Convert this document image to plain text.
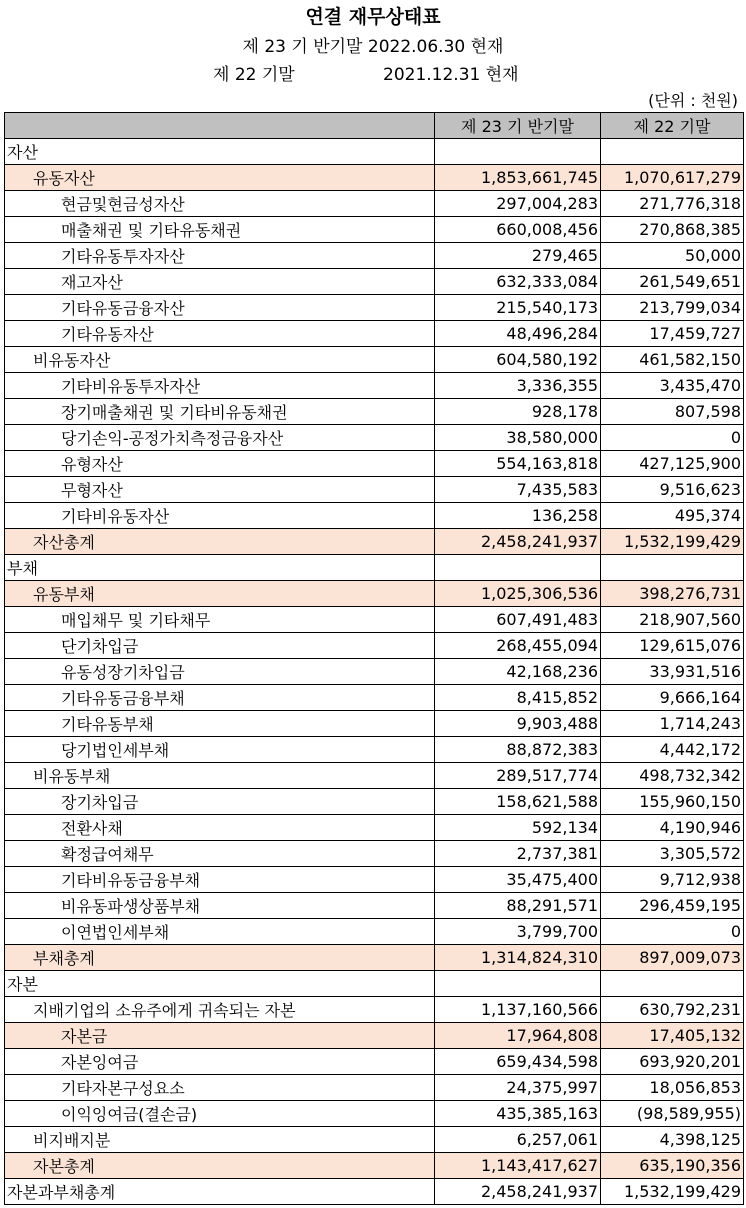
연결 재무상태표
제 23 기 반기말 2022.06.30 현재
제 22 기말	2021.12.31 현재
(단위 : 천원)
	제 23 기 반기말	제 22 기말
자산		
유동자산	1,853,661,745	1,070,617,279
현금및현금성자산	297,004,283	271,776,318
매출채권 및 기타유동채권	660,008,456	270,868,385
기타유동투자자산	279,465	50,000
재고자산	632,333,084	261,549,651
기타유동금융자산	215,540,173	213,799,034
기타유동자산	48,496,284	17,459,727
비유동자산	604,580,192	461,582,150
기타비유동투자자산	3,336,355	3,435,470
장기매출채권 및 기타비유동채권	928,178	807,598
당기손익-공정가치측정금융자산	38,580,000	0
유형자산	554,163,818	427,125,900
무형자산	7,435,583	9,516,623
기타비유동자산	136,258	495,374
자산총계	2,458,241,937	1,532,199,429
부채		
유동부채	1,025,306,536	398,276,731
매입채무 및 기타채무	607,491,483	218,907,560
단기차입금	268,455,094	129,615,076
유동성장기차입금	42,168,236	33,931,516
기타유동금융부채	8,415,852	9,666,164
기타유동부채	9,903,488	1,714,243
당기법인세부채	88,872,383	4,442,172
비유동부채	289,517,774	498,732,342
장기차입금	158,621,588	155,960,150
전환사채	592,134	4,190,946
확정급여채무	2,737,381	3,305,572
기타비유동금융부채	35,475,400	9,712,938
비유동파생상품부채	88,291,571	296,459,195
이연법인세부채	3,799,700	0
부채총계	1,314,824,310	897,009,073
자본		
지배기업의 소유주에게 귀속되는 자본	1,137,160,566	630,792,231
자본금	17,964,808	17,405,132
자본잉여금	659,434,598	693,920,201
기타자본구성요소	24,375,997	18,056,853
이익잉여금(결손금)	435,385,163	(98,589,955)
비지배지분	6,257,061	4,398,125
자본총계	1,143,417,627	635,190,356
자본과부채총계	2,458,241,937	1,532,199,429
